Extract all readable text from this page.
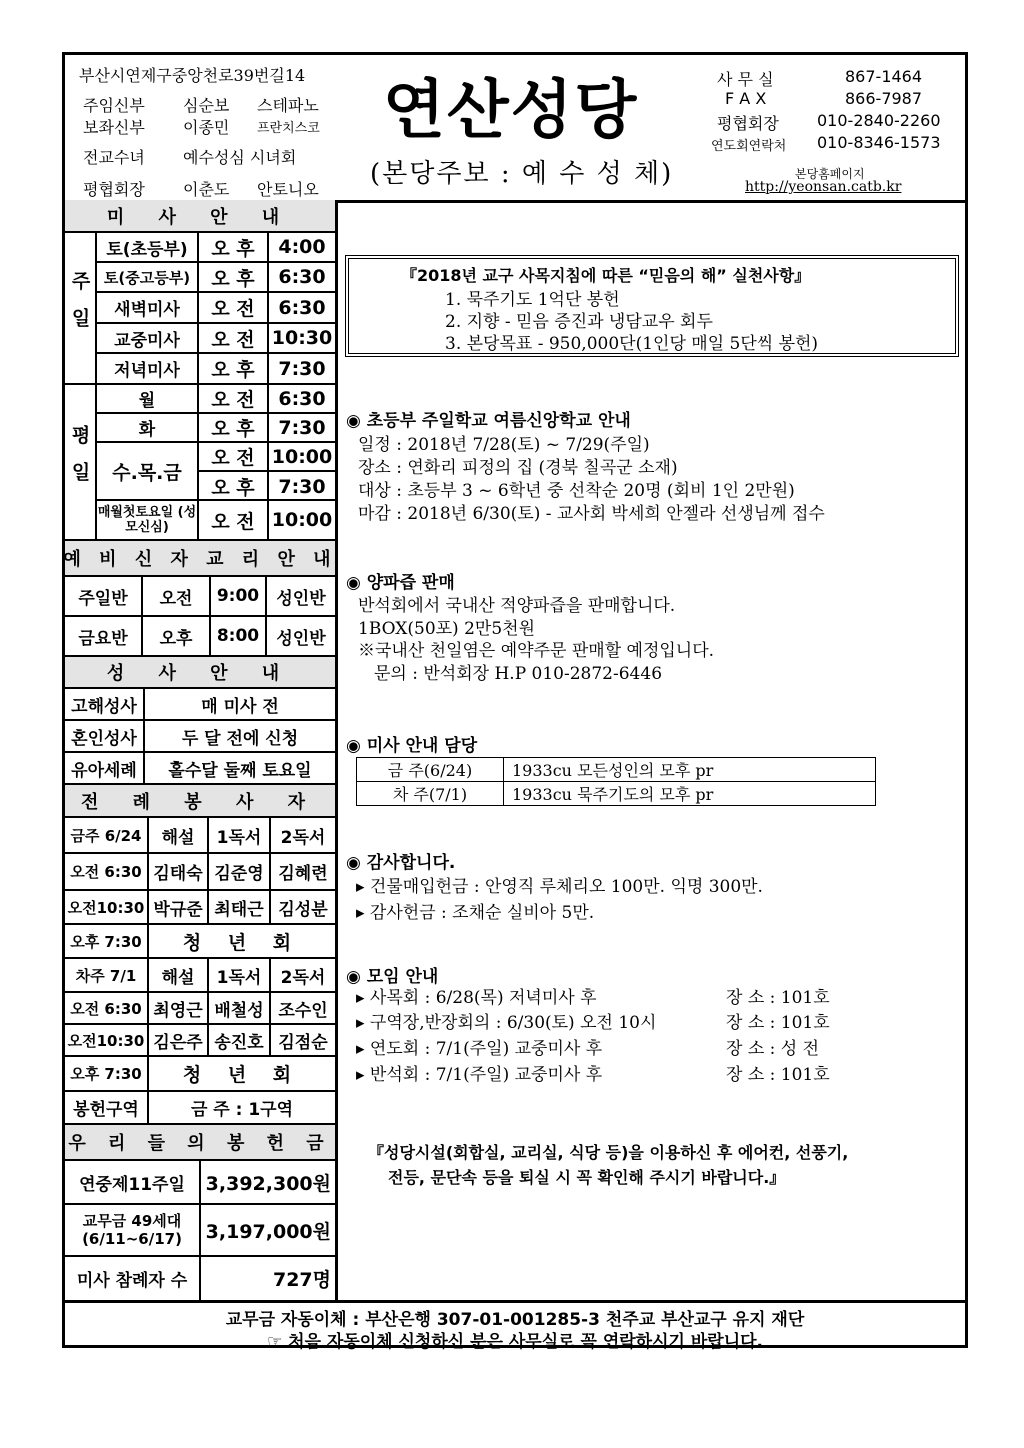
부산시연제구중앙천로39번길14
주임신부 심순보 스테파노
보좌신부 이종민 프란치스코
전교수녀 예수성심 시녀회
평협회장 이춘도 안토니오
연산성당
(본당주보 : 예 수 성 체)
사 무 실	867-1464
F A X	866-7987
평협회장 010-2840-2260
연도회연락처 010-8346-1573
본당홈페이지
http://yeonsan.catb.kr
미 사 안 내
주일
토(초등부)	오 후	4:00
토(중고등부)	오 후	6:30
새벽미사	오 전	6:30
교중미사	오 전 10:30
저녁미사	오 후	7:30
평일
월	오 전	6:30
화	오 후	7:30
수.목.금
오 전 10:00
오 후	7:30
매월첫토요일 (성모신심)	오 전 10:00
예 비 신 자 교 리 안 내
주일반	오전	9:00	성인반
금요반	오후	8:00	성인반
성 사 안 내
고해성사	매 미사 전
혼인성사	두 달 전에 신청
유아세례	홀수달 둘째 토요일
전 례 봉 사 자
금주 6/24	해설	1독서	2독서
오전 6:30 김태숙 김준영 김혜련
오전10:30 박규준 최태근 김성분
오후 7:30	청 년 회
차주 7/1	해설	1독서	2독서
오전 6:30 최영근 배철성 조수인
오전10:30 김은주 송진호 김점순
오후 7:30	청 년 회
봉헌구역	금 주 : 1구역
우 리 들 의 봉 헌 금
연중제11주일	3,392,300원
교무금 49세대 (6/11~6/17)	3,197,000원
미사 참례자 수	727명
『2018년 교구 사목지침에 따른 “믿음의 해” 실천사항』
1. 묵주기도 1억단 봉헌
2. 지향 - 믿음 증진과 냉담교우 회두
3. 본당목표 - 950,000단(1인당 매일 5단씩 봉헌)
◉ 초등부 주일학교 여름신앙학교 안내
일정 : 2018년 7/28(토) ~ 7/29(주일)
장소 : 연화리 피정의 집 (경북 칠곡군 소재)
대상 : 초등부 3 ~ 6학년 중 선착순 20명 (회비 1인 2만원)
마감 : 2018년 6/30(토) - 교사회 박세희 안젤라 선생님께 접수
◉ 양파즙 판매
반석회에서 국내산 적양파즙을 판매합니다.
1BOX(50포) 2만5천원
※국내산 천일염은 예약주문 판매할 예정입니다.
문의 : 반석회장 H.P 010-2872-6446
◉ 미사 안내 담당
금 주(6/24)	1933cu 모든성인의 모후 pr
차 주(7/1)	1933cu 묵주기도의 모후 pr
◉ 감사합니다.
▸ 건물매입헌금 : 안영직 루체리오 100만. 익명 300만.
▸ 감사헌금 : 조채순 실비아 5만.
◉ 모임 안내
▸ 사목회 : 6/28(목) 저녁미사 후	장 소 : 101호
▸ 구역장,반장회의 : 6/30(토) 오전 10시	장 소 : 101호
▸ 연도회 : 7/1(주일) 교중미사 후	장 소 : 성 전
▸ 반석회 : 7/1(주일) 교중미사 후	장 소 : 101호
『성당시설(회합실, 교리실, 식당 등)을 이용하신 후 에어컨, 선풍기,
전등, 문단속 등을 퇴실 시 꼭 확인해 주시기 바랍니다.』
교무금 자동이체 : 부산은행 307-01-001285-3 천주교 부산교구 유지 재단
☞ 처음 자동이체 신청하신 분은 사무실로 꼭 연락하시기 바랍니다.
